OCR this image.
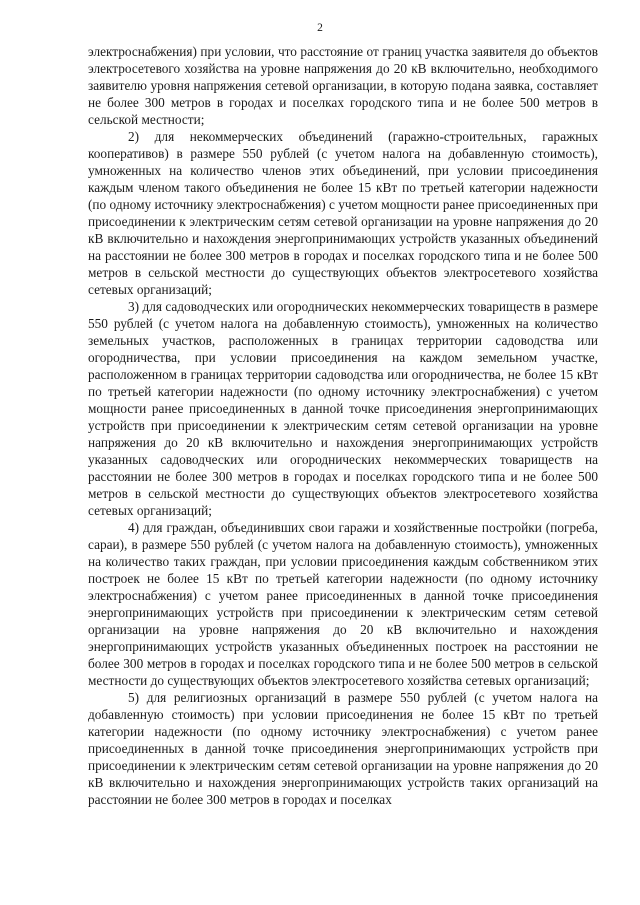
2

электроснабжения) при условии, что расстояние от границ участка заявителя до объектов электросетевого хозяйства на уровне напряжения до 20 кВ включительно, необходимого заявителю уровня напряжения сетевой организации, в которую подана заявка, составляет не более 300 метров в городах и поселках городского типа и не более 500 метров в сельской местности;

2) для некоммерческих объединений (гаражно-строительных, гаражных кооперативов) в размере 550 рублей (с учетом налога на добавленную стоимость), умноженных на количество членов этих объединений, при условии присоединения каждым членом такого объединения не более 15 кВт по третьей категории надежности (по одному источнику электроснабжения) с учетом мощности ранее присоединенных при присоединении к электрическим сетям сетевой организации на уровне напряжения до 20 кВ включительно и нахождения энергопринимающих устройств указанных объединений на расстоянии не более 300 метров в городах и поселках городского типа и не более 500 метров в сельской местности до существующих объектов электросетевого хозяйства сетевых организаций;

3) для садоводческих или огороднических некоммерческих товариществ в размере 550 рублей (с учетом налога на добавленную стоимость), умноженных на количество земельных участков, расположенных в границах территории садоводства или огородничества, при условии присоединения на каждом земельном участке, расположенном в границах территории садоводства или огородничества, не более 15 кВт по третьей категории надежности (по одному источнику электроснабжения) с учетом мощности ранее присоединенных в данной точке присоединения энергопринимающих устройств при присоединении к электрическим сетям сетевой организации на уровне напряжения до 20 кВ включительно и нахождения энергопринимающих устройств указанных садоводческих или огороднических некоммерческих товариществ на расстоянии не более 300 метров в городах и поселках городского типа и не более 500 метров в сельской местности до существующих объектов электросетевого хозяйства сетевых организаций;

4) для граждан, объединивших свои гаражи и хозяйственные постройки (погреба, сараи), в размере 550 рублей (с учетом налога на добавленную стоимость), умноженных на количество таких граждан, при условии присоединения каждым собственником этих построек не более 15 кВт по третьей категории надежности (по одному источнику электроснабжения) с учетом ранее присоединенных в данной точке присоединения энергопринимающих устройств при присоединении к электрическим сетям сетевой организации на уровне напряжения до 20 кВ включительно и нахождения энергопринимающих устройств указанных объединенных построек на расстоянии не более 300 метров в городах и поселках городского типа и не более 500 метров в сельской местности до существующих объектов электросетевого хозяйства сетевых организаций;

5) для религиозных организаций в размере 550 рублей (с учетом налога на добавленную стоимость) при условии присоединения не более 15 кВт по третьей категории надежности (по одному источнику электроснабжения) с учетом ранее присоединенных в данной точке присоединения энергопринимающих устройств при присоединении к электрическим сетям сетевой организации на уровне напряжения до 20 кВ включительно и нахождения энергопринимающих устройств таких организаций на расстоянии не более 300 метров в городах и поселках
